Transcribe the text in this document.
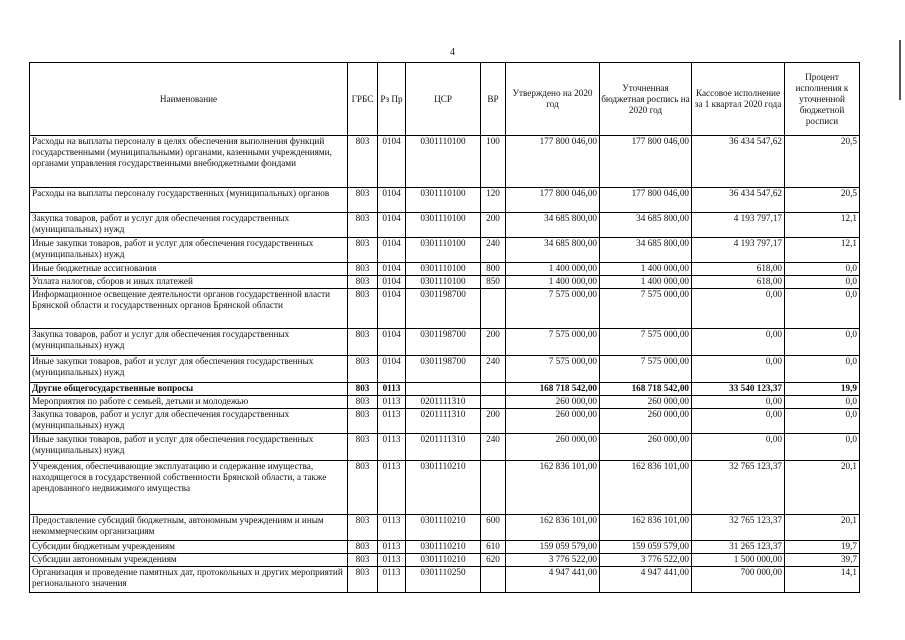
4
Наименование	ГРБС	Рз Пр	ЦСР	ВР	Утверждено на 2020 год	Уточненная бюджетная роспись на 2020 год	Кассовое исполнение за 1 квартал 2020 года	Процент исполнения к уточненной бюджетной росписи
Расходы на выплаты персоналу в целях обеспечения выполнения функций государственными (муниципальными) органами, казенными учреждениями, органами управления государственными внебюджетными фондами	803	0104	0301110100	100	177 800 046,00	177 800 046,00	36 434 547,62	20,5
Расходы на выплаты персоналу государственных (муниципальных) органов	803	0104	0301110100	120	177 800 046,00	177 800 046,00	36 434 547,62	20,5
Закупка товаров, работ и услуг для обеспечения государственных (муниципальных) нужд	803	0104	0301110100	200	34 685 800,00	34 685 800,00	4 193 797,17	12,1
Иные закупки товаров, работ и услуг для обеспечения государственных (муниципальных) нужд	803	0104	0301110100	240	34 685 800,00	34 685 800,00	4 193 797,17	12,1
Иные бюджетные ассигнования	803	0104	0301110100	800	1 400 000,00	1 400 000,00	618,00	0,0
Уплата налогов, сборов и иных платежей	803	0104	0301110100	850	1 400 000,00	1 400 000,00	618,00	0,0
Информационное освещение деятельности органов государственной власти Брянской области и государственных органов Брянской области	803	0104	0301198700		7 575 000,00	7 575 000,00	0,00	0,0
Закупка товаров, работ и услуг для обеспечения государственных (муниципальных) нужд	803	0104	0301198700	200	7 575 000,00	7 575 000,00	0,00	0,0
Иные закупки товаров, работ и услуг для обеспечения государственных (муниципальных) нужд	803	0104	0301198700	240	7 575 000,00	7 575 000,00	0,00	0,0
Другие общегосударственные вопросы	803	0113			168 718 542,00	168 718 542,00	33 540 123,37	19,9
Мероприятия по работе с семьей, детьми и молодежью	803	0113	0201111310		260 000,00	260 000,00	0,00	0,0
Закупка товаров, работ и услуг для обеспечения государственных (муниципальных) нужд	803	0113	0201111310	200	260 000,00	260 000,00	0,00	0,0
Иные закупки товаров, работ и услуг для обеспечения государственных (муниципальных) нужд	803	0113	0201111310	240	260 000,00	260 000,00	0,00	0,0
Учреждения, обеспечивающие эксплуатацию и содержание имущества, находящегося в государственной собственности Брянской области, а также арендованного недвижимого имущества	803	0113	0301110210		162 836 101,00	162 836 101,00	32 765 123,37	20,1
Предоставление субсидий бюджетным, автономным учреждениям и иным некоммерческим организациям	803	0113	0301110210	600	162 836 101,00	162 836 101,00	32 765 123,37	20,1
Субсидии бюджетным учреждениям	803	0113	0301110210	610	159 059 579,00	159 059 579,00	31 265 123,37	19,7
Субсидии автономным учреждениям	803	0113	0301110210	620	3 776 522,00	3 776 522,00	1 500 000,00	39,7
Организация и проведение памятных дат, протокольных и других мероприятий регионального значения	803	0113	0301110250		4 947 441,00	4 947 441,00	700 000,00	14,1
